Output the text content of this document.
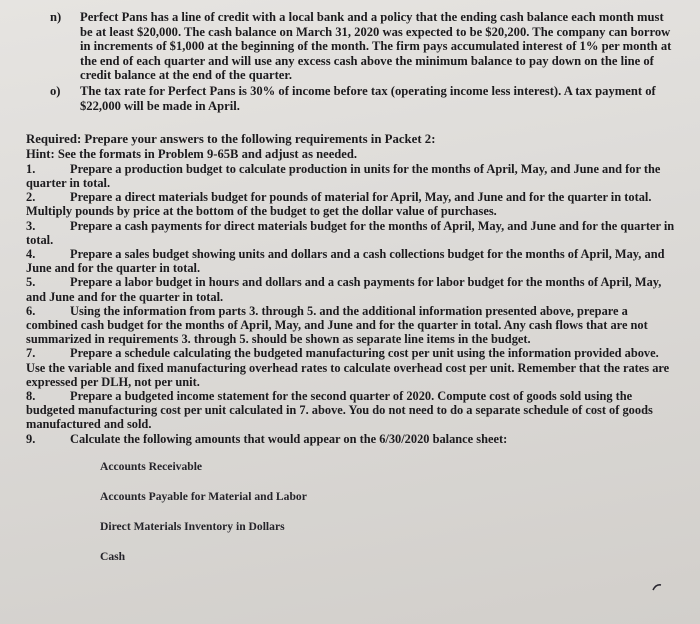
n)	Perfect Pans has a line of credit with a local bank and a policy that the ending cash balance each month must be at least $20,000. The cash balance on March 31, 2020 was expected to be $20,200. The company can borrow in increments of $1,000 at the beginning of the month. The firm pays accumulated interest of 1% per month at the end of each quarter and will use any excess cash above the minimum balance to pay down on the line of credit balance at the end of the quarter.
o)	The tax rate for Perfect Pans is 30% of income before tax (operating income less interest). A tax payment of $22,000 will be made in April.
Required: Prepare your answers to the following requirements in Packet 2:
Hint: See the formats in Problem 9-65B and adjust as needed.

1.	Prepare a production budget to calculate production in units for the months of April, May, and June and for the quarter in total.

2.	Prepare a direct materials budget for pounds of material for April, May, and June and for the quarter in total. Multiply pounds by price at the bottom of the budget to get the dollar value of purchases.

3.	Prepare a cash payments for direct materials budget for the months of April, May, and June and for the quarter in total.

4.	Prepare a sales budget showing units and dollars and a cash collections budget for the months of April, May, and June and for the quarter in total.

5.	Prepare a labor budget in hours and dollars and a cash payments for labor budget for the months of April, May, and June and for the quarter in total.

6.	Using the information from parts 3. through 5. and the additional information presented above, prepare a combined cash budget for the months of April, May, and June and for the quarter in total. Any cash flows that are not summarized in requirements 3. through 5. should be shown as separate line items in the budget.

7.	Prepare a schedule calculating the budgeted manufacturing cost per unit using the information provided above. Use the variable and fixed manufacturing overhead rates to calculate overhead cost per unit. Remember that the rates are expressed per DLH, not per unit.

8.	Prepare a budgeted income statement for the second quarter of 2020. Compute cost of goods sold using the budgeted manufacturing cost per unit calculated in 7. above. You do not need to do a separate schedule of cost of goods manufactured and sold.

9.	Calculate the following amounts that would appear on the 6/30/2020 balance sheet:

Accounts Receivable
Accounts Payable for Material and Labor
Direct Materials Inventory in Dollars
Cash
